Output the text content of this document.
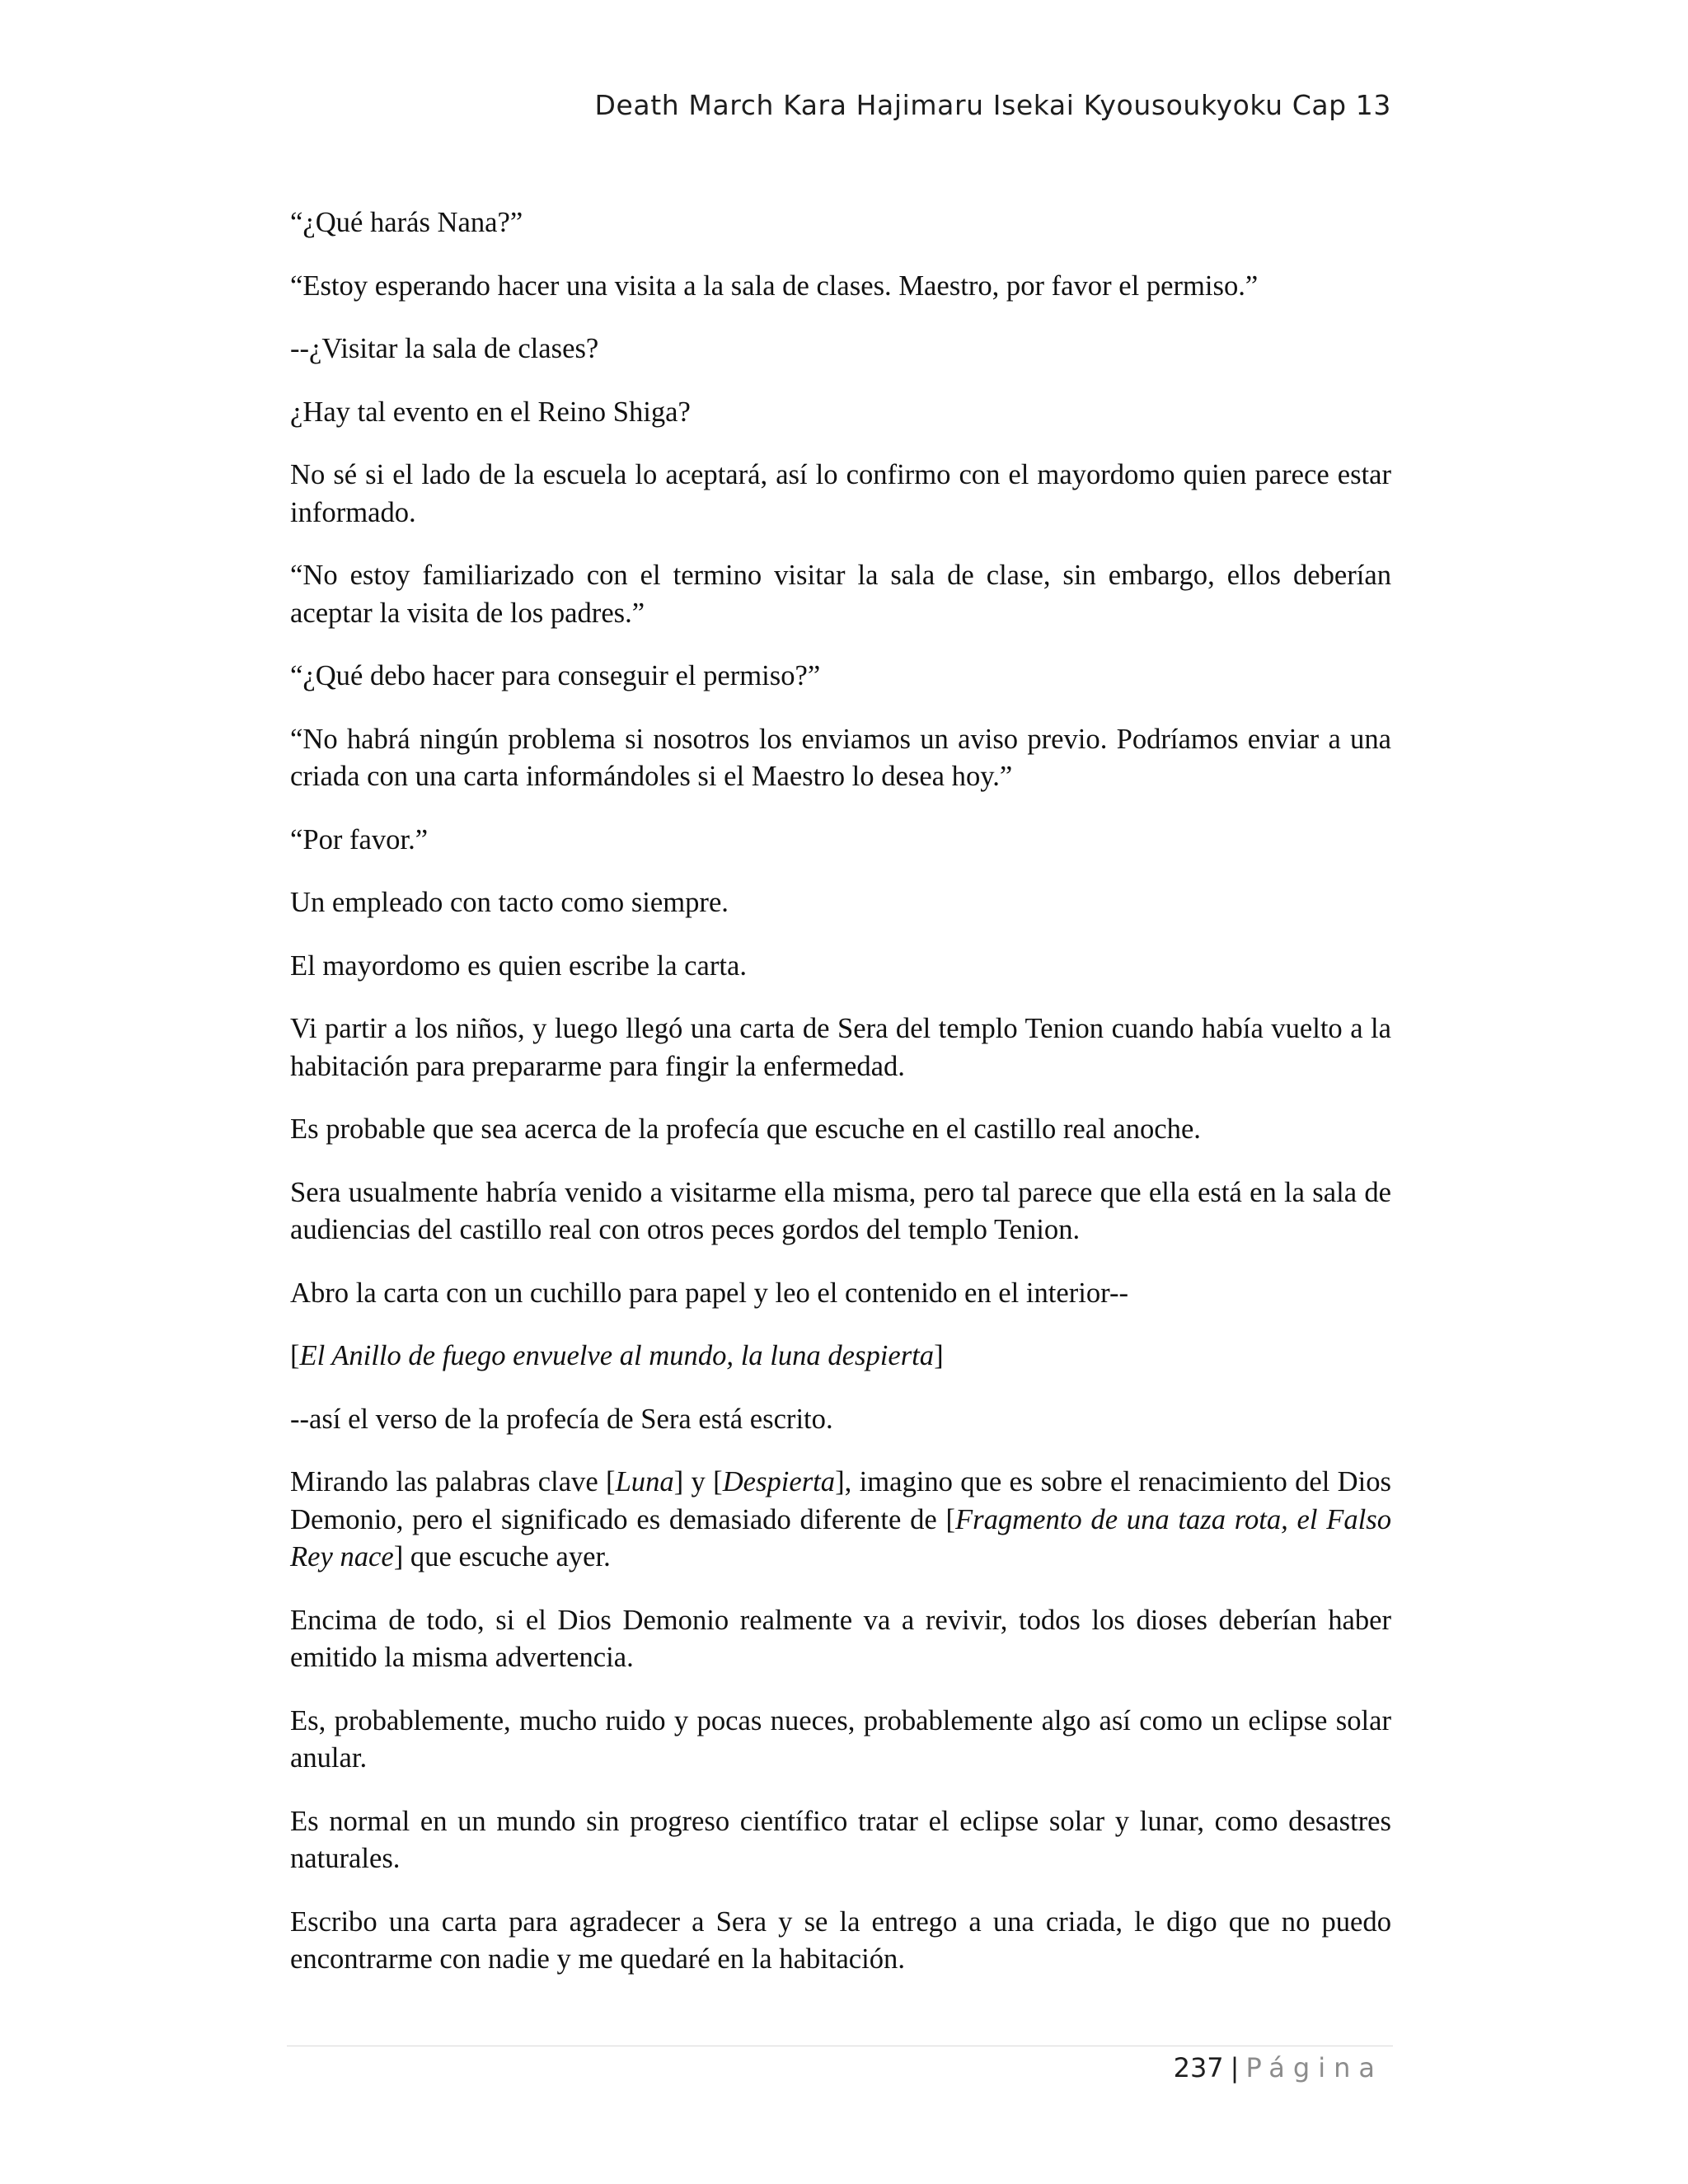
Death March Kara Hajimaru Isekai Kyousoukyoku Cap 13

“¿Qué harás Nana?”

“Estoy esperando hacer una visita a la sala de clases. Maestro, por favor el permiso.”

--¿Visitar la sala de clases?

¿Hay tal evento en el Reino Shiga?

No sé si el lado de la escuela lo aceptará, así lo confirmo con el mayordomo quien parece estar informado.

“No estoy familiarizado con el termino visitar la sala de clase, sin embargo, ellos deberían aceptar la visita de los padres.”

“¿Qué debo hacer para conseguir el permiso?”

“No habrá ningún problema si nosotros los enviamos un aviso previo. Podríamos enviar a una criada con una carta informándoles si el Maestro lo desea hoy.”

“Por favor.”

Un empleado con tacto como siempre.

El mayordomo es quien escribe la carta.

Vi partir a los niños, y luego llegó una carta de Sera del templo Tenion cuando había vuelto a la habitación para prepararme para fingir la enfermedad.

Es probable que sea acerca de la profecía que escuche en el castillo real anoche.

Sera usualmente habría venido a visitarme ella misma, pero tal parece que ella está en la sala de audiencias del castillo real con otros peces gordos del templo Tenion.

Abro la carta con un cuchillo para papel y leo el contenido en el interior--

[El Anillo de fuego envuelve al mundo, la luna despierta]

--así el verso de la profecía de Sera está escrito.

Mirando las palabras clave [Luna] y [Despierta], imagino que es sobre el renacimiento del Dios Demonio, pero el significado es demasiado diferente de [Fragmento de una taza rota, el Falso Rey nace] que escuche ayer.

Encima de todo, si el Dios Demonio realmente va a revivir, todos los dioses deberían haber emitido la misma advertencia.

Es, probablemente, mucho ruido y pocas nueces, probablemente algo así como un eclipse solar anular.

Es normal en un mundo sin progreso científico tratar el eclipse solar y lunar, como desastres naturales.

Escribo una carta para agradecer a Sera y se la entrego a una criada, le digo que no puedo encontrarme con nadie y me quedaré en la habitación.

237 | Página
